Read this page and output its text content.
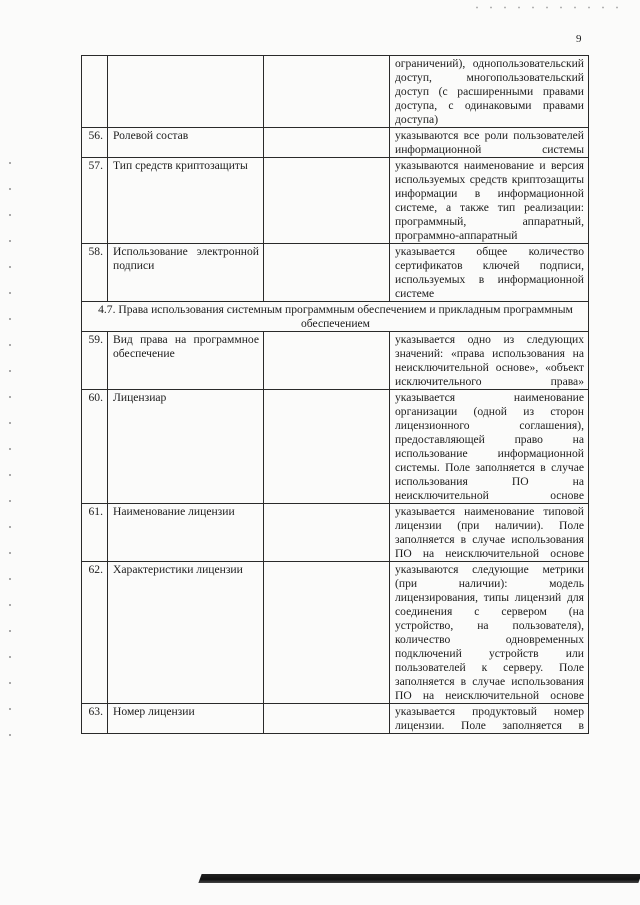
9
			ограничений), однопользовательский доступ, многопользовательский доступ (с расширенными правами доступа, с одинаковыми правами доступа)
56.	Ролевой состав		указываются все роли пользователей информационной системы
57.	Тип средств криптозащиты		указываются наименование и версия используемых средств криптозащиты информации в информационной системе, а также тип реализации: программный, аппаратный, программно-аппаратный
58.	Использование электронной подписи		указывается общее количество сертификатов ключей подписи, используемых в информационной системе
4.7. Права использования системным программным обеспечением и прикладным программным обеспечением			
59.	Вид права на программное обеспечение		указывается одно из следующих значений: «права использования на неисключительной основе», «объект исключительного права»
60.	Лицензиар		указывается наименование организации (одной из сторон лицензионного соглашения), предоставляющей право на использование информационной системы. Поле заполняется в случае использования ПО на неисключительной основе
61.	Наименование лицензии		указывается наименование типовой лицензии (при наличии). Поле заполняется в случае использования ПО на неисключительной основе
62.	Характеристики лицензии		указываются следующие метрики (при наличии): модель лицензирования, типы лицензий для соединения с сервером (на устройство, на пользователя), количество одновременных подключений устройств или пользователей к серверу. Поле заполняется в случае использования ПО на неисключительной основе
63.	Номер лицензии		указывается продуктовый номер лицензии. Поле заполняется в
